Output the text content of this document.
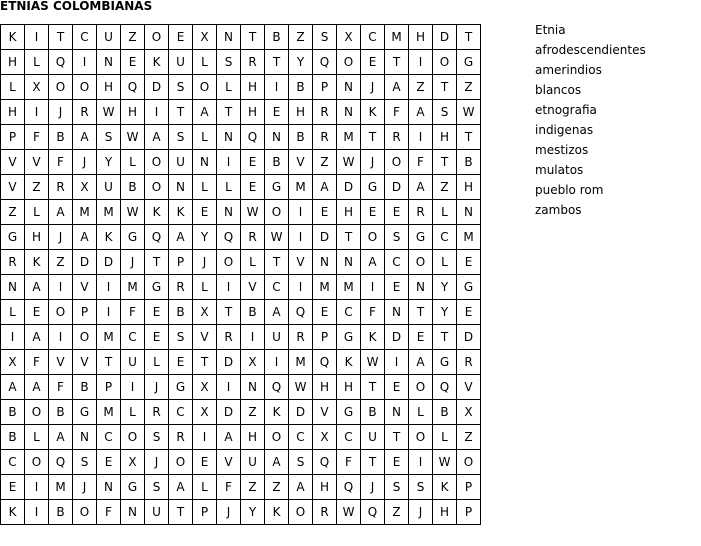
ETNIAS COLOMBIANAS
K	I	T	C	U	Z	O	E	X	N	T	B	Z	S	X	C	M	H	D	T
H	L	Q	I	N	E	K	U	L	S	R	T	Y	Q	O	E	T	I	O	G
L	X	O	O	H	Q	D	S	O	L	H	I	B	P	N	J	A	Z	T	Z
H	I	J	R	W	H	I	T	A	T	H	E	H	R	N	K	F	A	S	W
P	F	B	A	S	W	A	S	L	N	Q	N	B	R	M	T	R	I	H	T
V	V	F	J	Y	L	O	U	N	I	E	B	V	Z	W	J	O	F	T	B
V	Z	R	X	U	B	O	N	L	L	E	G	M	A	D	G	D	A	Z	H
Z	L	A	M	M	W	K	K	E	N	W	O	I	E	H	E	E	R	L	N
G	H	J	A	K	G	Q	A	Y	Q	R	W	I	D	T	O	S	G	C	M
R	K	Z	D	D	J	T	P	J	O	L	T	V	N	N	A	C	O	L	E
N	A	I	V	I	M	G	R	L	I	V	C	I	M	M	I	E	N	Y	G
L	E	O	P	I	F	E	B	X	T	B	A	Q	E	C	F	N	T	Y	E
I	A	I	O	M	C	E	S	V	R	I	U	R	P	G	K	D	E	T	D
X	F	V	V	T	U	L	E	T	D	X	I	M	Q	K	W	I	A	G	R
A	A	F	B	P	I	J	G	X	I	N	Q	W	H	H	T	E	O	Q	V
B	O	B	G	M	L	R	C	X	D	Z	K	D	V	G	B	N	L	B	X
B	L	A	N	C	O	S	R	I	A	H	O	C	X	C	U	T	O	L	Z
C	O	Q	S	E	X	J	O	E	V	U	A	S	Q	F	T	E	I	W	O
E	I	M	J	N	G	S	A	L	F	Z	Z	A	H	Q	J	S	S	K	P
K	I	B	O	F	N	U	T	P	J	Y	K	O	R	W	Q	Z	J	H	P
Etnia
afrodescendientes
amerindios
blancos
etnografia
indigenas
mestizos
mulatos
pueblo rom
zambos
